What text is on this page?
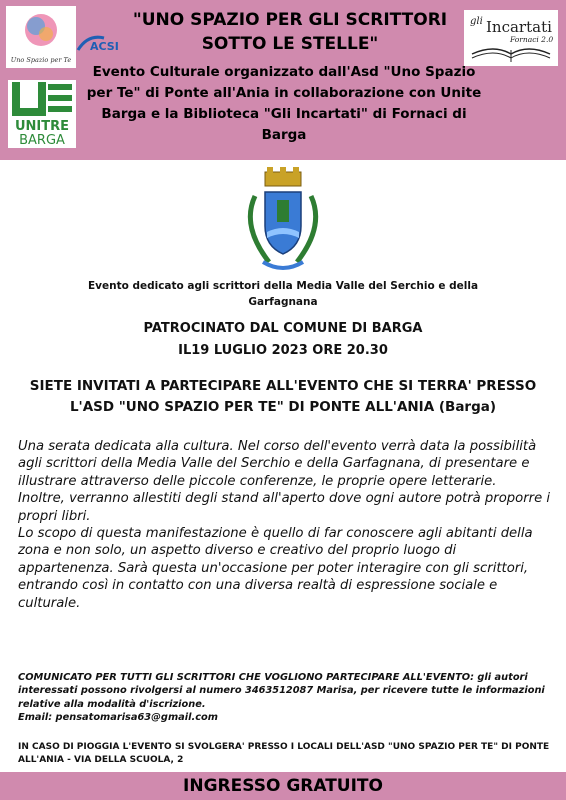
Uno Spazio per Te
ACSI
UNITRE
BARGA
gli Incartati
Fornaci 2.0
"UNO SPAZIO PER GLI SCRITTORI SOTTO LE STELLE"
Evento Culturale organizzato dall'Asd "Uno Spazio per Te" di Ponte all'Ania in collaborazione con Unite Barga e la Biblioteca "Gli Incartati" di Fornaci di Barga
Evento dedicato agli scrittori della Media Valle del Serchio e della Garfagnana
PATROCINATO DAL COMUNE DI BARGA
IL19 LUGLIO 2023 ORE 20.30
SIETE INVITATI A PARTECIPARE ALL'EVENTO CHE SI TERRA' PRESSO L'ASD "UNO SPAZIO PER TE" DI PONTE ALL'ANIA (Barga)

Una serata dedicata alla cultura. Nel corso dell'evento verrà data la possibilità agli scrittori della Media Valle del Serchio e della Garfagnana, di presentare e illustrare attraverso delle piccole conferenze, le proprie opere letterarie.

Inoltre, verranno allestiti degli stand all'aperto dove ogni autore potrà proporre i propri libri.

Lo scopo di questa manifestazione è quello di far conoscere agli abitanti della zona e non solo, un aspetto diverso e creativo del proprio luogo di appartenenza. Sarà questa un'occasione per poter interagire con gli scrittori, entrando così in contatto con una diversa realtà di espressione sociale e culturale.

COMUNICATO PER TUTTI GLI SCRITTORI CHE VOGLIONO PARTECIPARE ALL'EVENTO: gli autori interessati possono rivolgersi al numero 3463512087 Marisa, per ricevere tutte le informazioni relative alla modalità d'iscrizione.
Email: pensatomarisa63@gmail.com
IN CASO DI PIOGGIA L'EVENTO SI SVOLGERA' PRESSO I LOCALI DELL'ASD "UNO SPAZIO PER TE" DI PONTE ALL'ANIA - VIA DELLA SCUOLA, 2
INGRESSO GRATUITO
